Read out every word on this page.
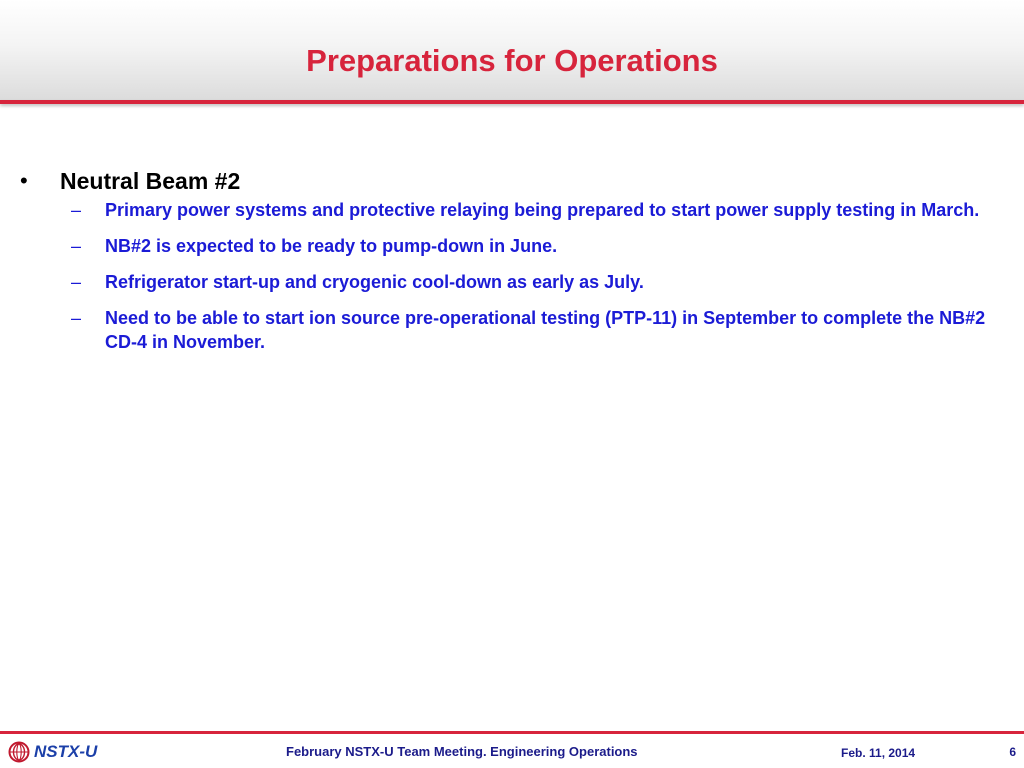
Preparations for Operations
• Neutral Beam #2
– Primary power systems and protective relaying being prepared to start power supply testing in March.
– NB#2 is expected to be ready to pump-down in June.
– Refrigerator start-up and cryogenic cool-down as early as July.
– Need to be able to start ion source pre-operational testing (PTP-11) in September to complete the NB#2 CD-4 in November.
NSTX-U	February NSTX-U Team Meeting. Engineering Operations	Feb. 11, 2014	6
